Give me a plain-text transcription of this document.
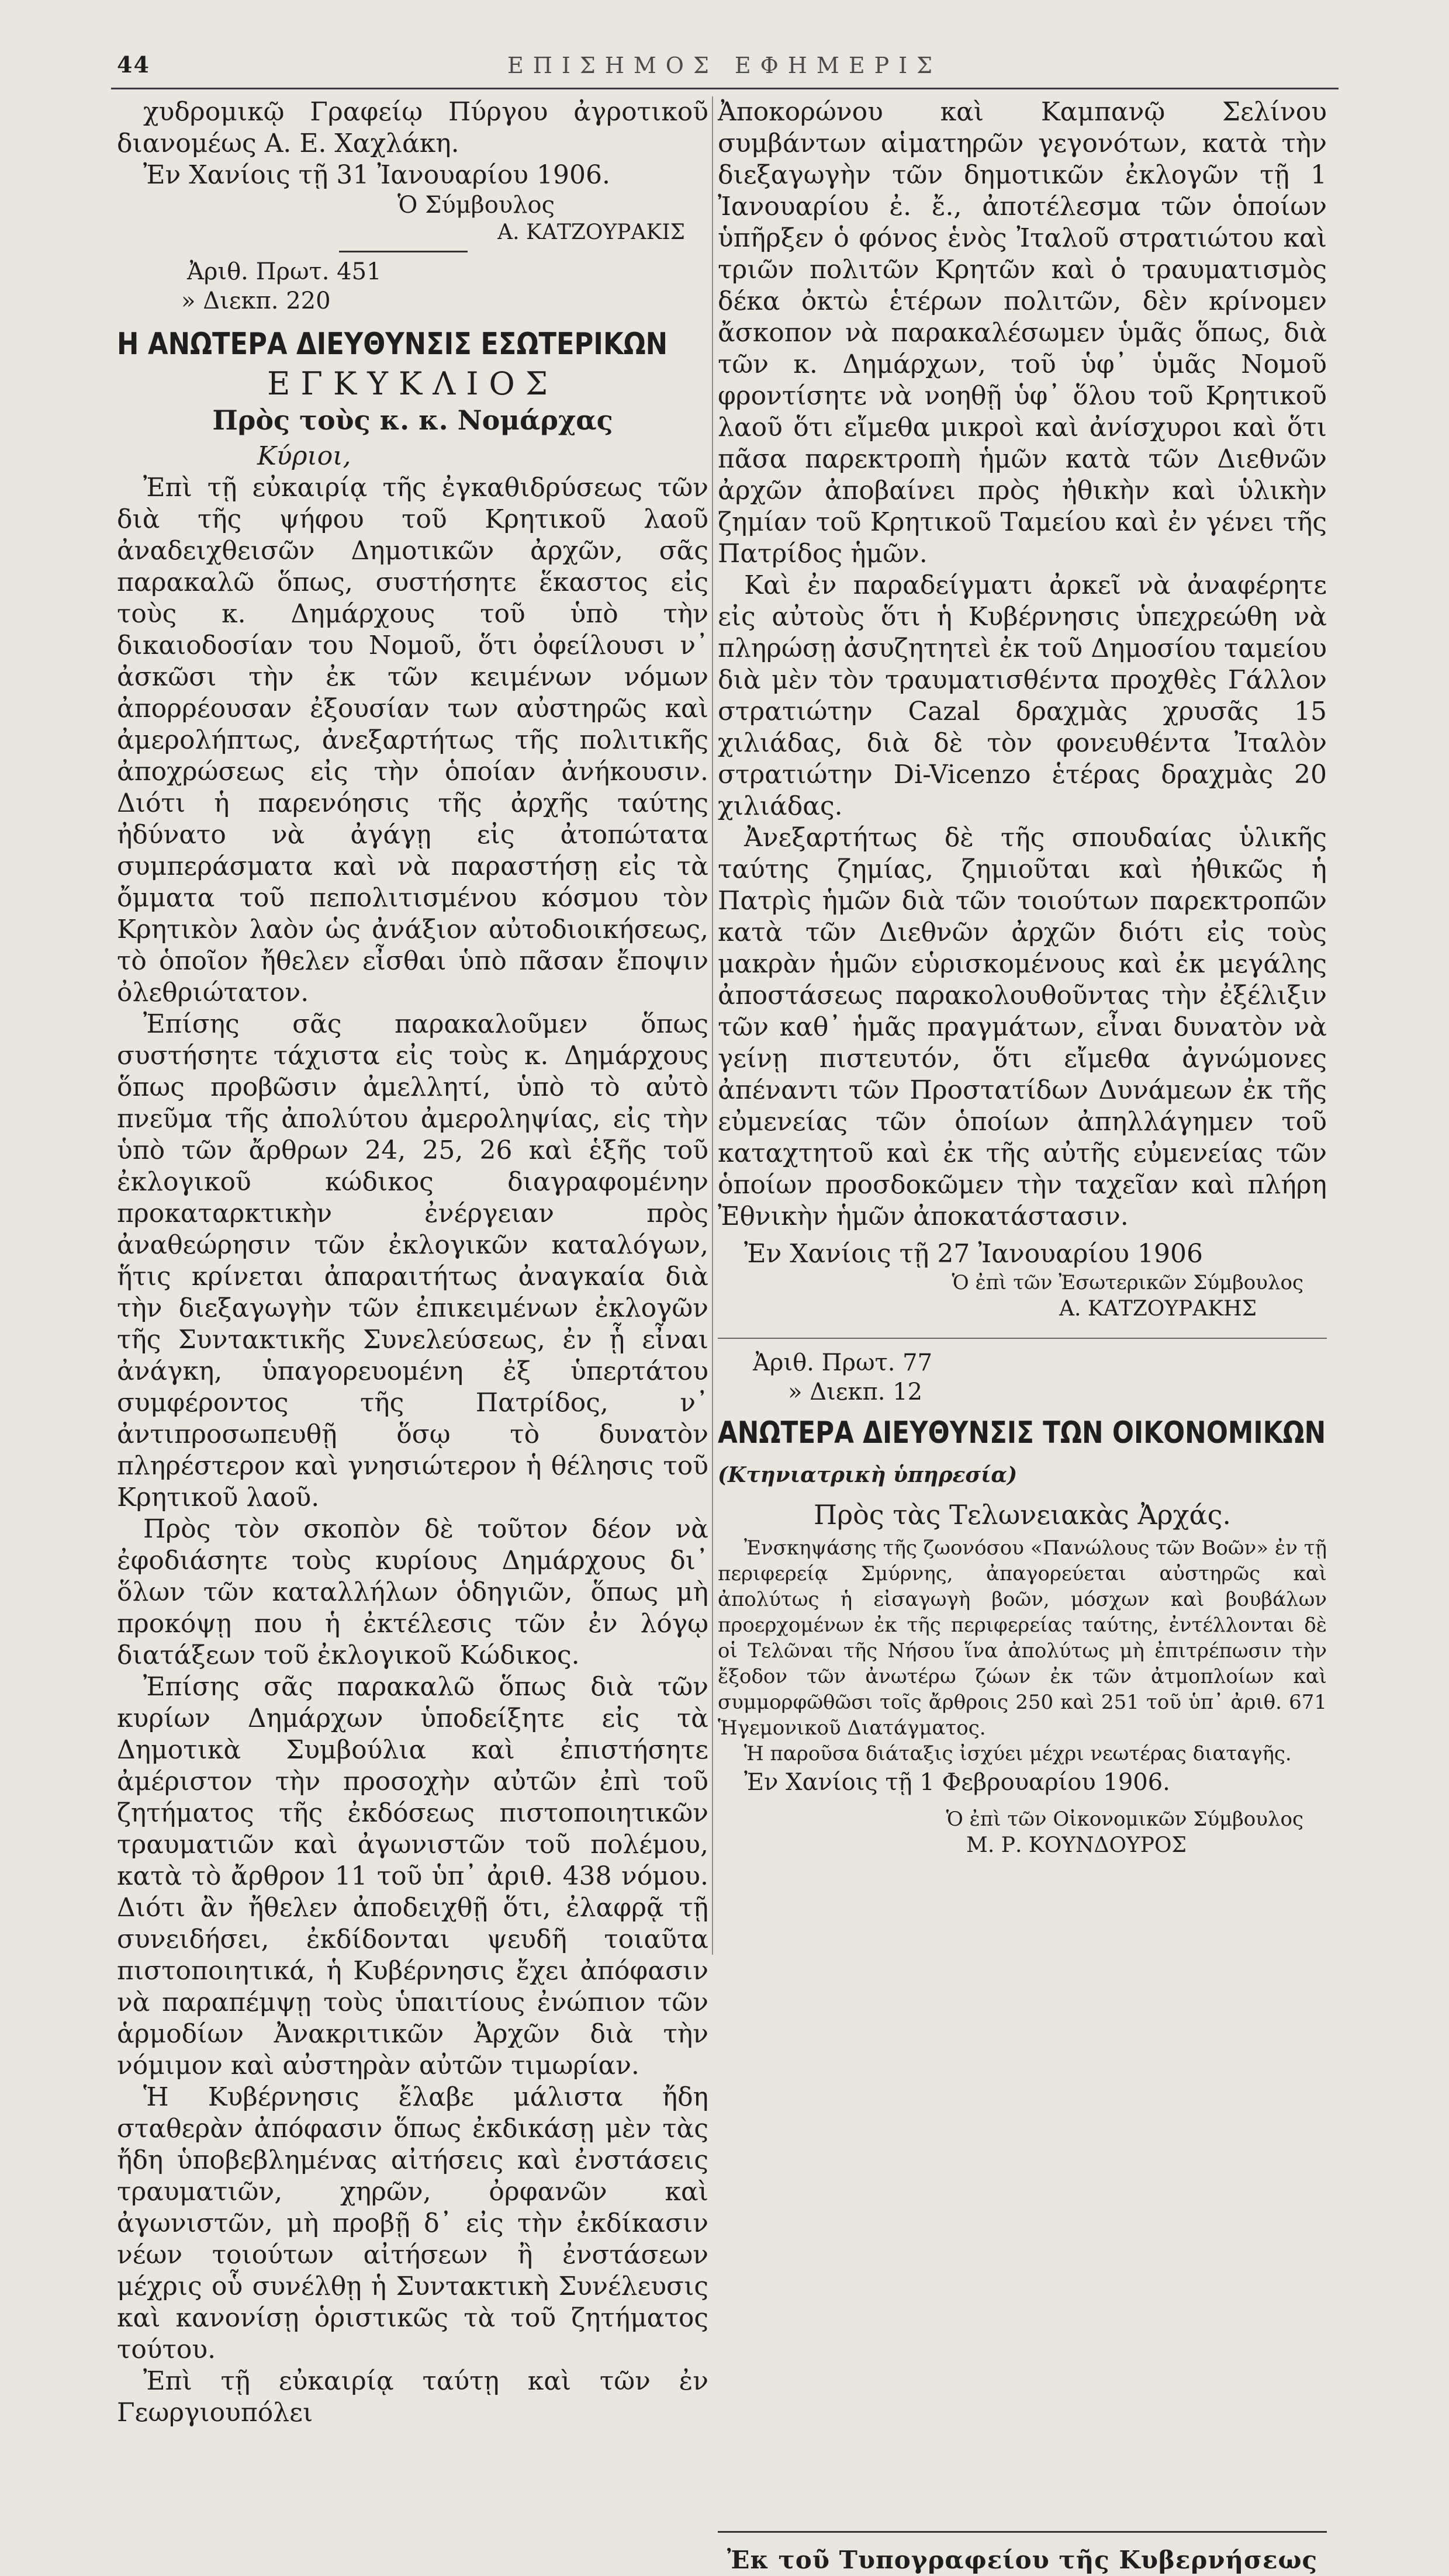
44	ΕΠΙΣΗΜΟΣ ΕΦΗΜΕΡΙΣ

χυδρομικῷ Γραφείῳ Πύργου ἀγροτικοῦ διανομέως Α. Ε. Χαχλάκη.

Ἐν Χανίοις τῇ 31 Ἰανουαρίου 1906.

Ὁ Σύμβουλος

Α. ΚΑΤΖΟΥΡΑΚΙΣ

Ἀριθ. Πρωτ. 451

» Διεκπ. 220

Η ΑΝΩΤΕΡΑ ΔΙΕΥΘΥΝΣΙΣ ΕΣΩΤΕΡΙΚΩΝ
ΕΓΚΥΚΛΙΟΣ
Πρὸς τοὺς κ. κ. Νομάρχας

Κύριοι,

Ἐπὶ τῇ εὐκαιρίᾳ τῆς ἐγκαθιδρύσεως τῶν διὰ τῆς ψήφου τοῦ Κρητικοῦ λαοῦ ἀναδειχθεισῶν Δημοτικῶν ἀρχῶν, σᾶς παρακαλῶ ὅπως, συστήσητε ἕκαστος εἰς τοὺς κ. Δημάρχους τοῦ ὑπὸ τὴν δικαιοδοσίαν του Νομοῦ, ὅτι ὀφείλουσι ν᾽ ἀσκῶσι τὴν ἐκ τῶν κειμένων νόμων ἀπορρέουσαν ἐξουσίαν των αὐστηρῶς καὶ ἀμερολήπτως, ἀνεξαρτήτως τῆς πολιτικῆς ἀποχρώσεως εἰς τὴν ὁποίαν ἀνήκουσιν. Διότι ἡ παρενόησις τῆς ἀρχῆς ταύτης ἠδύνατο νὰ ἀγάγῃ εἰς ἀτοπώτατα συμπεράσματα καὶ νὰ παραστήσῃ εἰς τὰ ὄμματα τοῦ πεπολιτισμένου κόσμου τὸν Κρητικὸν λαὸν ὡς ἀνάξιον αὐτοδιοικήσεως, τὸ ὁποῖον ἤθελεν εἶσθαι ὑπὸ πᾶσαν ἔποψιν ὀλεθριώτατον.

Ἐπίσης σᾶς παρακαλοῦμεν ὅπως συστήσητε τάχιστα εἰς τοὺς κ. Δημάρχους ὅπως προβῶσιν ἀμελλητί, ὑπὸ τὸ αὐτὸ πνεῦμα τῆς ἀπολύτου ἀμεροληψίας, εἰς τὴν ὑπὸ τῶν ἄρθρων 24, 25, 26 καὶ ἑξῆς τοῦ ἐκλογικοῦ κώδικος διαγραφομένην προκαταρκτικὴν ἐνέργειαν πρὸς ἀναθεώρησιν τῶν ἐκλογικῶν καταλόγων, ἥτις κρίνεται ἀπαραιτήτως ἀναγκαία διὰ τὴν διεξαγωγὴν τῶν ἐπικειμένων ἐκλογῶν τῆς Συντακτικῆς Συνελεύσεως, ἐν ᾗ εἶναι ἀνάγκη, ὑπαγορευομένη ἐξ ὑπερτάτου συμφέροντος τῆς Πατρίδος, ν᾽ ἀντιπροσωπευθῇ ὅσῳ τὸ δυνατὸν πληρέστερον καὶ γνησιώτερον ἡ θέλησις τοῦ Κρητικοῦ λαοῦ.

Πρὸς τὸν σκοπὸν δὲ τοῦτον δέον νὰ ἐφοδιάσητε τοὺς κυρίους Δημάρχους δι᾽ ὅλων τῶν καταλλήλων ὁδηγιῶν, ὅπως μὴ προκόψῃ που ἡ ἐκτέλεσις τῶν ἐν λόγῳ διατάξεων τοῦ ἐκλογικοῦ Κώδικος.

Ἐπίσης σᾶς παρακαλῶ ὅπως διὰ τῶν κυρίων Δημάρχων ὑποδείξητε εἰς τὰ Δημοτικὰ Συμβούλια καὶ ἐπιστήσητε ἀμέριστον τὴν προσοχὴν αὐτῶν ἐπὶ τοῦ ζητήματος τῆς ἐκδόσεως πιστοποιητικῶν τραυματιῶν καὶ ἀγωνιστῶν τοῦ πολέμου, κατὰ τὸ ἄρθρον 11 τοῦ ὑπ᾽ ἀριθ. 438 νόμου. Διότι ἂν ἤθελεν ἀποδειχθῇ ὅτι, ἐλαφρᾷ τῇ συνειδήσει, ἐκδίδονται ψευδῆ τοιαῦτα πιστοποιητικά, ἡ Κυβέρνησις ἔχει ἀπόφασιν νὰ παραπέμψῃ τοὺς ὑπαιτίους ἐνώπιον τῶν ἁρμοδίων Ἀνακριτικῶν Ἀρχῶν διὰ τὴν νόμιμον καὶ αὐστηρὰν αὐτῶν τιμωρίαν.

Ἡ Κυβέρνησις ἔλαβε μάλιστα ἤδη σταθερὰν ἀπόφασιν ὅπως ἐκδικάσῃ μὲν τὰς ἤδη ὑποβεβλημένας αἰτήσεις καὶ ἐνστάσεις τραυματιῶν, χηρῶν, ὀρφανῶν καὶ ἀγωνιστῶν, μὴ προβῇ δ᾽ εἰς τὴν ἐκδίκασιν νέων τοιούτων αἰτήσεων ἢ ἐνστάσεων μέχρις οὗ συνέλθῃ ἡ Συντακτικὴ Συνέλευσις καὶ κανονίσῃ ὁριστικῶς τὰ τοῦ ζητήματος τούτου.

Ἐπὶ τῇ εὐκαιρίᾳ ταύτῃ καὶ τῶν ἐν Γεωργιουπόλει

Ἀποκορώνου καὶ Καμπανῷ Σελίνου συμβάντων αἱματηρῶν γεγονότων, κατὰ τὴν διεξαγωγὴν τῶν δημοτικῶν ἐκλογῶν τῇ 1 Ἰανουαρίου ἐ. ἔ., ἀποτέλεσμα τῶν ὁποίων ὑπῆρξεν ὁ φόνος ἑνὸς Ἰταλοῦ στρατιώτου καὶ τριῶν πολιτῶν Κρητῶν καὶ ὁ τραυματισμὸς δέκα ὀκτὼ ἑτέρων πολιτῶν, δὲν κρίνομεν ἄσκοπον νὰ παρακαλέσωμεν ὑμᾶς ὅπως, διὰ τῶν κ. Δημάρχων, τοῦ ὑφ᾽ ὑμᾶς Νομοῦ φροντίσητε νὰ νοηθῇ ὑφ᾽ ὅλου τοῦ Κρητικοῦ λαοῦ ὅτι εἴμεθα μικροὶ καὶ ἀνίσχυροι καὶ ὅτι πᾶσα παρεκτροπὴ ἡμῶν κατὰ τῶν Διεθνῶν ἀρχῶν ἀποβαίνει πρὸς ἠθικὴν καὶ ὑλικὴν ζημίαν τοῦ Κρητικοῦ Ταμείου καὶ ἐν γένει τῆς Πατρίδος ἡμῶν.

Καὶ ἐν παραδείγματι ἀρκεῖ νὰ ἀναφέρητε εἰς αὐτοὺς ὅτι ἡ Κυβέρνησις ὑπεχρεώθη νὰ πληρώσῃ ἀσυζητητεὶ ἐκ τοῦ Δημοσίου ταμείου διὰ μὲν τὸν τραυματισθέντα προχθὲς Γάλλον στρατιώτην Cazal δραχμὰς χρυσᾶς 15 χιλιάδας, διὰ δὲ τὸν φονευθέντα Ἰταλὸν στρατιώτην Di-Vicenzo ἑτέρας δραχμὰς 20 χιλιάδας.

Ἀνεξαρτήτως δὲ τῆς σπουδαίας ὑλικῆς ταύτης ζημίας, ζημιοῦται καὶ ἠθικῶς ἡ Πατρὶς ἡμῶν διὰ τῶν τοιούτων παρεκτροπῶν κατὰ τῶν Διεθνῶν ἀρχῶν διότι εἰς τοὺς μακρὰν ἡμῶν εὑρισκομένους καὶ ἐκ μεγάλης ἀποστάσεως παρακολουθοῦντας τὴν ἐξέλιξιν τῶν καθ᾽ ἡμᾶς πραγμάτων, εἶναι δυνατὸν νὰ γείνῃ πιστευτόν, ὅτι εἴμεθα ἀγνώμονες ἀπέναντι τῶν Προστατίδων Δυνάμεων ἐκ τῆς εὐμενείας τῶν ὁποίων ἀπηλλάγημεν τοῦ καταχτητοῦ καὶ ἐκ τῆς αὐτῆς εὐμενείας τῶν ὁποίων προσδοκῶμεν τὴν ταχεῖαν καὶ πλήρη Ἐθνικὴν ἡμῶν ἀποκατάστασιν.

Ἐν Χανίοις τῇ 27 Ἰανουαρίου 1906

Ὁ ἐπὶ τῶν Ἐσωτερικῶν Σύμβουλος

Α. ΚΑΤΖΟΥΡΑΚΗΣ

Ἀριθ. Πρωτ. 77

» Διεκπ. 12

ΑΝΩΤΕΡΑ ΔΙΕΥΘΥΝΣΙΣ ΤΩΝ ΟΙΚΟΝΟΜΙΚΩΝ

(Κτηνιατρικὴ ὑπηρεσία)

Πρὸς τὰς Τελωνειακὰς Ἀρχάς.

Ἐνσκηψάσης τῆς ζωονόσου «Πανώλους τῶν Βοῶν» ἐν τῇ περιφερείᾳ Σμύρνης, ἀπαγορεύεται αὐστηρῶς καὶ ἀπολύτως ἡ εἰσαγωγὴ βοῶν, μόσχων καὶ βουβάλων προερχομένων ἐκ τῆς περιφερείας ταύτης, ἐντέλλονται δὲ οἱ Τελῶναι τῆς Νήσου ἵνα ἀπολύτως μὴ ἐπιτρέπωσιν τὴν ἔξοδον τῶν ἀνωτέρω ζώων ἐκ τῶν ἀτμοπλοίων καὶ συμμορφῶθῶσι τοῖς ἄρθροις 250 καὶ 251 τοῦ ὑπ᾽ ἀριθ. 671 Ἡγεμονικοῦ Διατάγματος.

Ἡ παροῦσα διάταξις ἰσχύει μέχρι νεωτέρας διαταγῆς.

Ἐν Χανίοις τῇ 1 Φεβρουαρίου 1906.

Ὁ ἐπὶ τῶν Οἰκονομικῶν Σύμβουλος

Μ. Ρ. ΚΟΥΝΔΟΥΡΟΣ

Ἐκ τοῦ Τυπογραφείου τῆς Κυβερνήσεως
